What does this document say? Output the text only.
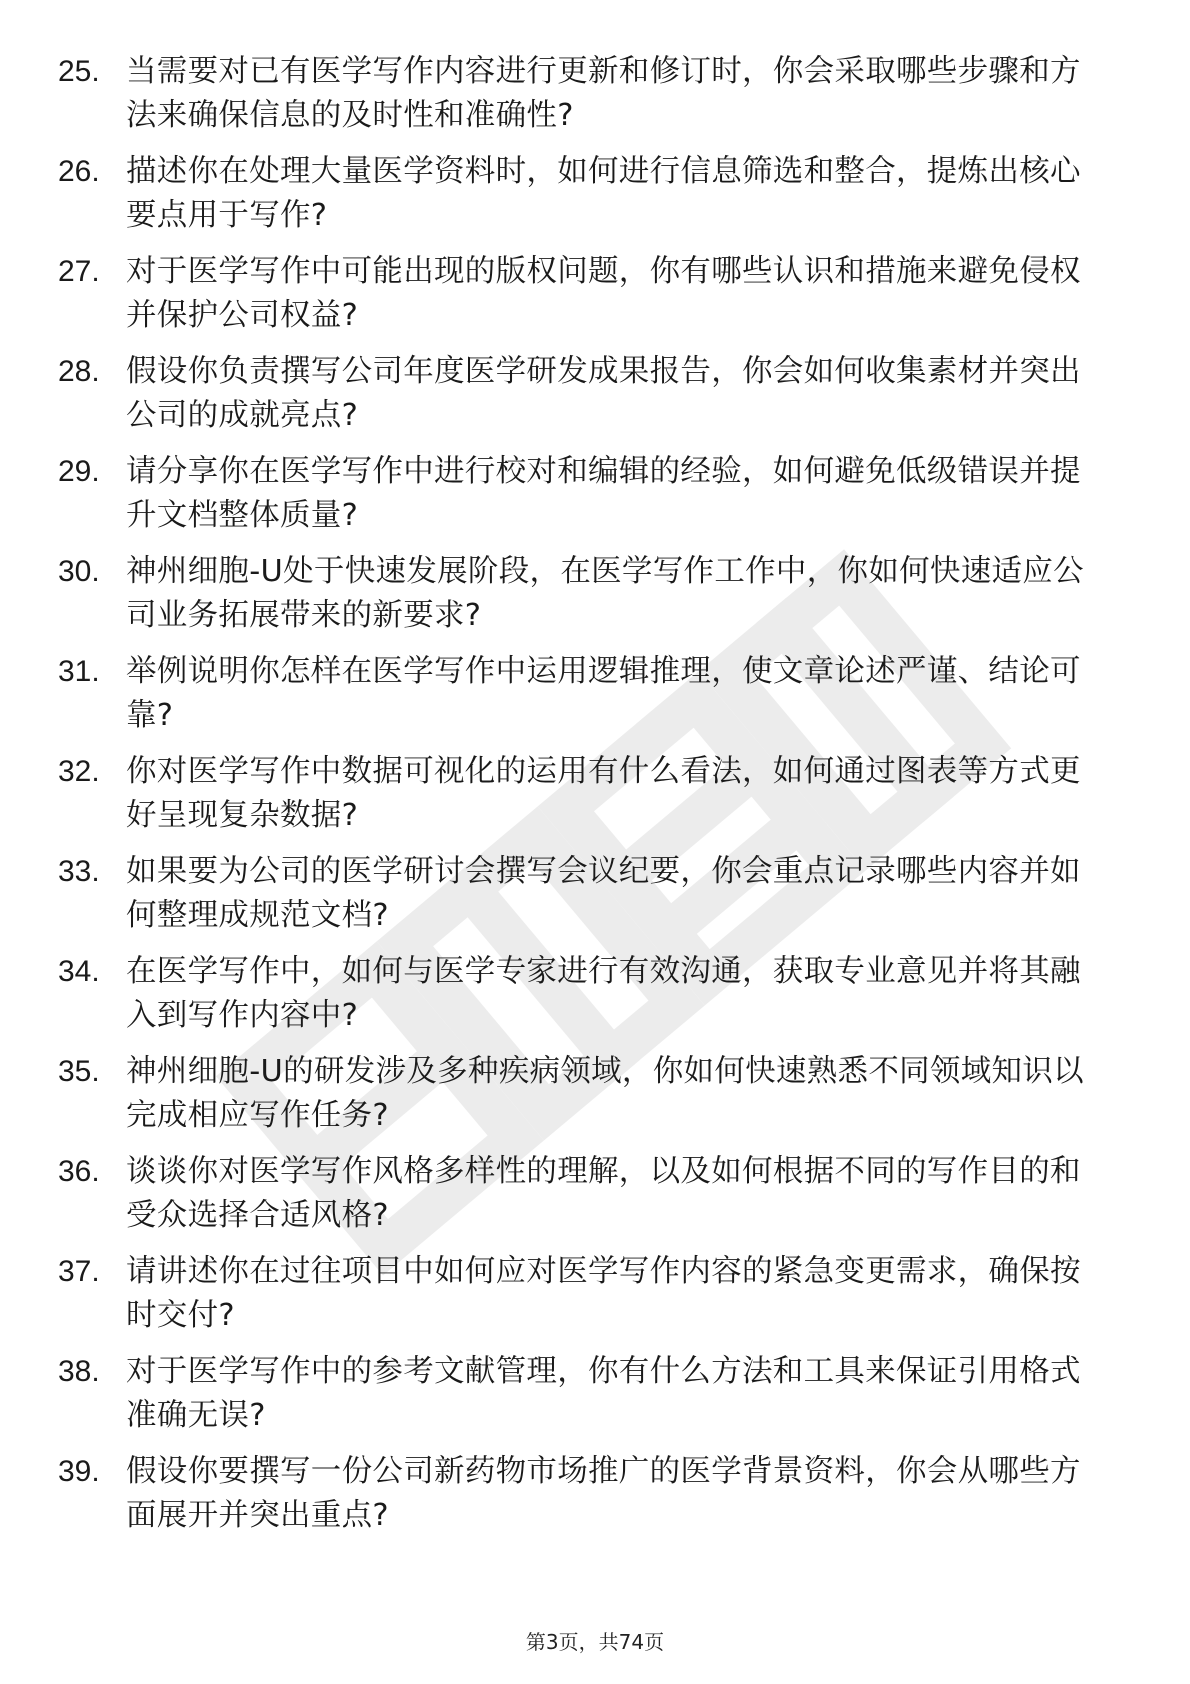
25. 当需要对已有医学写作内容进行更新和修订时，你会采取哪些步骤和方法来确保信息的及时性和准确性?
26. 描述你在处理大量医学资料时，如何进行信息筛选和整合，提炼出核心要点用于写作?
27. 对于医学写作中可能出现的版权问题，你有哪些认识和措施来避免侵权并保护公司权益?
28. 假设你负责撰写公司年度医学研发成果报告，你会如何收集素材并突出公司的成就亮点?
29. 请分享你在医学写作中进行校对和编辑的经验，如何避免低级错误并提升文档整体质量?
30. 神州细胞-U处于快速发展阶段，在医学写作工作中，你如何快速适应公司业务拓展带来的新要求?
31. 举例说明你怎样在医学写作中运用逻辑推理，使文章论述严谨、结论可靠?
32. 你对医学写作中数据可视化的运用有什么看法，如何通过图表等方式更好呈现复杂数据?
33. 如果要为公司的医学研讨会撰写会议纪要，你会重点记录哪些内容并如何整理成规范文档?
34. 在医学写作中，如何与医学专家进行有效沟通，获取专业意见并将其融入到写作内容中?
35. 神州细胞-U的研发涉及多种疾病领域，你如何快速熟悉不同领域知识以完成相应写作任务?
36. 谈谈你对医学写作风格多样性的理解，以及如何根据不同的写作目的和受众选择合适风格?
37. 请讲述你在过往项目中如何应对医学写作内容的紧急变更需求，确保按时交付?
38. 对于医学写作中的参考文献管理，你有什么方法和工具来保证引用格式准确无误?
39. 假设你要撰写一份公司新药物市场推广的医学背景资料，你会从哪些方面展开并突出重点?
第3页，共74页
